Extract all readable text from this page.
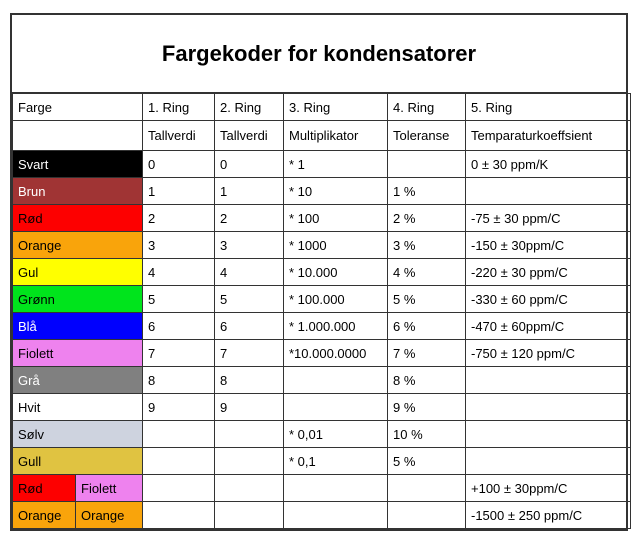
Fargekoder for kondensatorer
Farge		1. Ring	2. Ring	3. Ring	4. Ring	5. Ring
		Tallverdi	Tallverdi	Multiplikator	Toleranse	Temparaturkoeffsient
Svart		0	0	* 1		0 ± 30 ppm/K
Brun		1	1	* 10	1 %	
Rød		2	2	* 100	2 %	-75 ± 30 ppm/C
Orange		3	3	* 1000	3 %	-150 ± 30ppm/C
Gul		4	4	* 10.000	4 %	-220 ± 30 ppm/C
Grønn		5	5	* 100.000	5 %	-330 ± 60 ppm/C
Blå		6	6	* 1.000.000	6 %	-470 ± 60ppm/C
Fiolett		7	7	*10.000.0000	7 %	-750 ± 120 ppm/C
Grå		8	8		8 %	
Hvit		9	9		9 %	
Sølv				* 0,01	10 %	
Gull				* 0,1	5 %	
Rød	Fiolett					+100 ± 30ppm/C
Orange	Orange					-1500 ± 250 ppm/C
